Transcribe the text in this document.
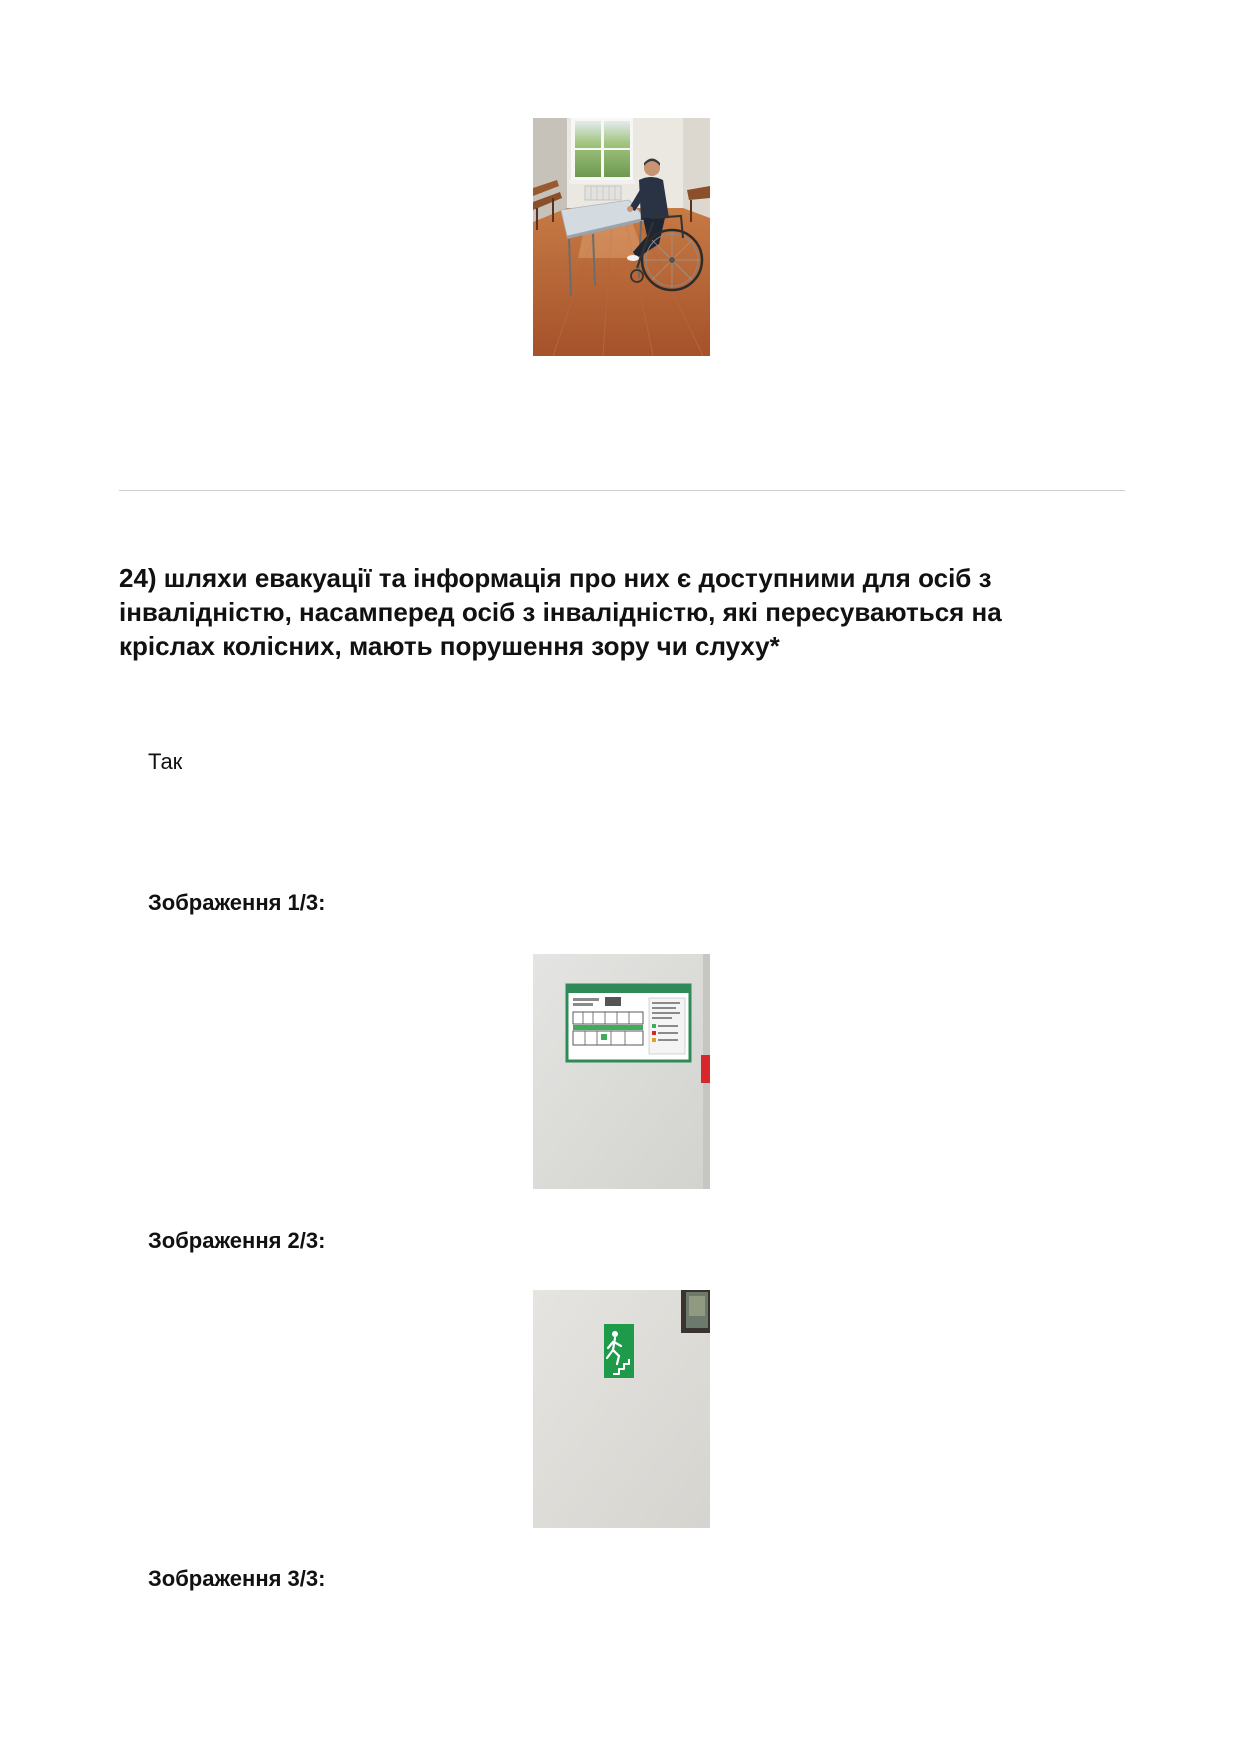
24) шляхи евакуації та інформація про них є доступними для осіб з
інвалідністю, насамперед осіб з інвалідністю, які пересуваються на
кріслах колісних, мають порушення зору чи слуху*
Так
Зображення 1/3:
Зображення 2/3:
Зображення 3/3:
